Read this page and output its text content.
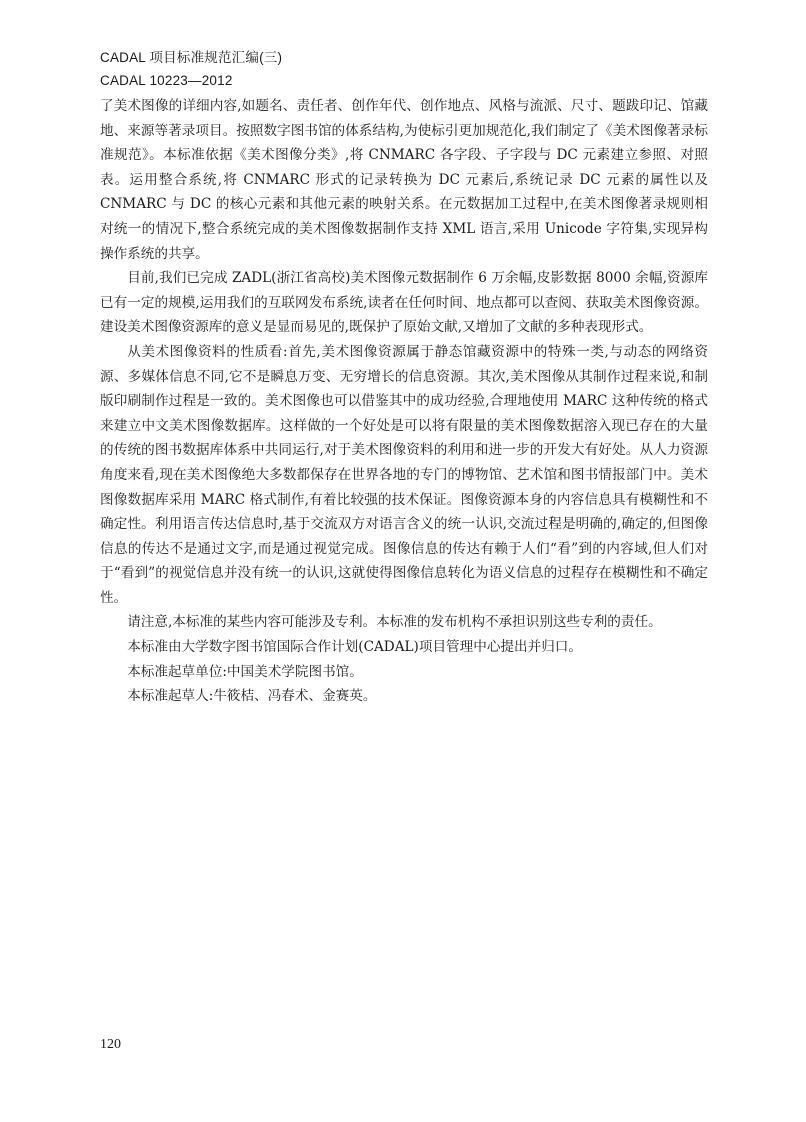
CADAL 项目标准规范汇编(三)
CADAL 10223—2012

了美术图像的详细内容,如题名、责任者、创作年代、创作地点、风格与流派、尺寸、题跋印记、馆藏地、来源等著录项目。按照数字图书馆的体系结构,为使标引更加规范化,我们制定了《美术图像著录标准规范》。本标准依据《美术图像分类》,将 CNMARC 各字段、子字段与 DC 元素建立参照、对照表。运用整合系统,将 CNMARC 形式的记录转换为 DC 元素后,系统记录 DC 元素的属性以及 CNMARC 与 DC 的核心元素和其他元素的映射关系。在元数据加工过程中,在美术图像著录规则相对统一的情况下,整合系统完成的美术图像数据制作支持 XML 语言,采用 Unicode 字符集,实现异构操作系统的共享。

目前,我们已完成 ZADL(浙江省高校)美术图像元数据制作 6 万余幅,皮影数据 8000 余幅,资源库已有一定的规模,运用我们的互联网发布系统,读者在任何时间、地点都可以查阅、获取美术图像资源。建设美术图像资源库的意义是显而易见的,既保护了原始文献,又增加了文献的多种表现形式。

从美术图像资料的性质看:首先,美术图像资源属于静态馆藏资源中的特殊一类,与动态的网络资源、多媒体信息不同,它不是瞬息万变、无穷增长的信息资源。其次,美术图像从其制作过程来说,和制版印刷制作过程是一致的。美术图像也可以借鉴其中的成功经验,合理地使用 MARC 这种传统的格式来建立中文美术图像数据库。这样做的一个好处是可以将有限量的美术图像数据溶入现已存在的大量的传统的图书数据库体系中共同运行,对于美术图像资料的利用和进一步的开发大有好处。从人力资源角度来看,现在美术图像绝大多数都保存在世界各地的专门的博物馆、艺术馆和图书情报部门中。美术图像数据库采用 MARC 格式制作,有着比较强的技术保证。图像资源本身的内容信息具有模糊性和不确定性。利用语言传达信息时,基于交流双方对语言含义的统一认识,交流过程是明确的,确定的,但图像信息的传达不是通过文字,而是通过视觉完成。图像信息的传达有赖于人们“看”到的内容域,但人们对于“看到”的视觉信息并没有统一的认识,这就使得图像信息转化为语义信息的过程存在模糊性和不确定性。

请注意,本标准的某些内容可能涉及专利。本标准的发布机构不承担识别这些专利的责任。

本标准由大学数字图书馆国际合作计划(CADAL)项目管理中心提出并归口。

本标准起草单位:中国美术学院图书馆。

本标准起草人:牛筱桔、冯春术、金赛英。

120
